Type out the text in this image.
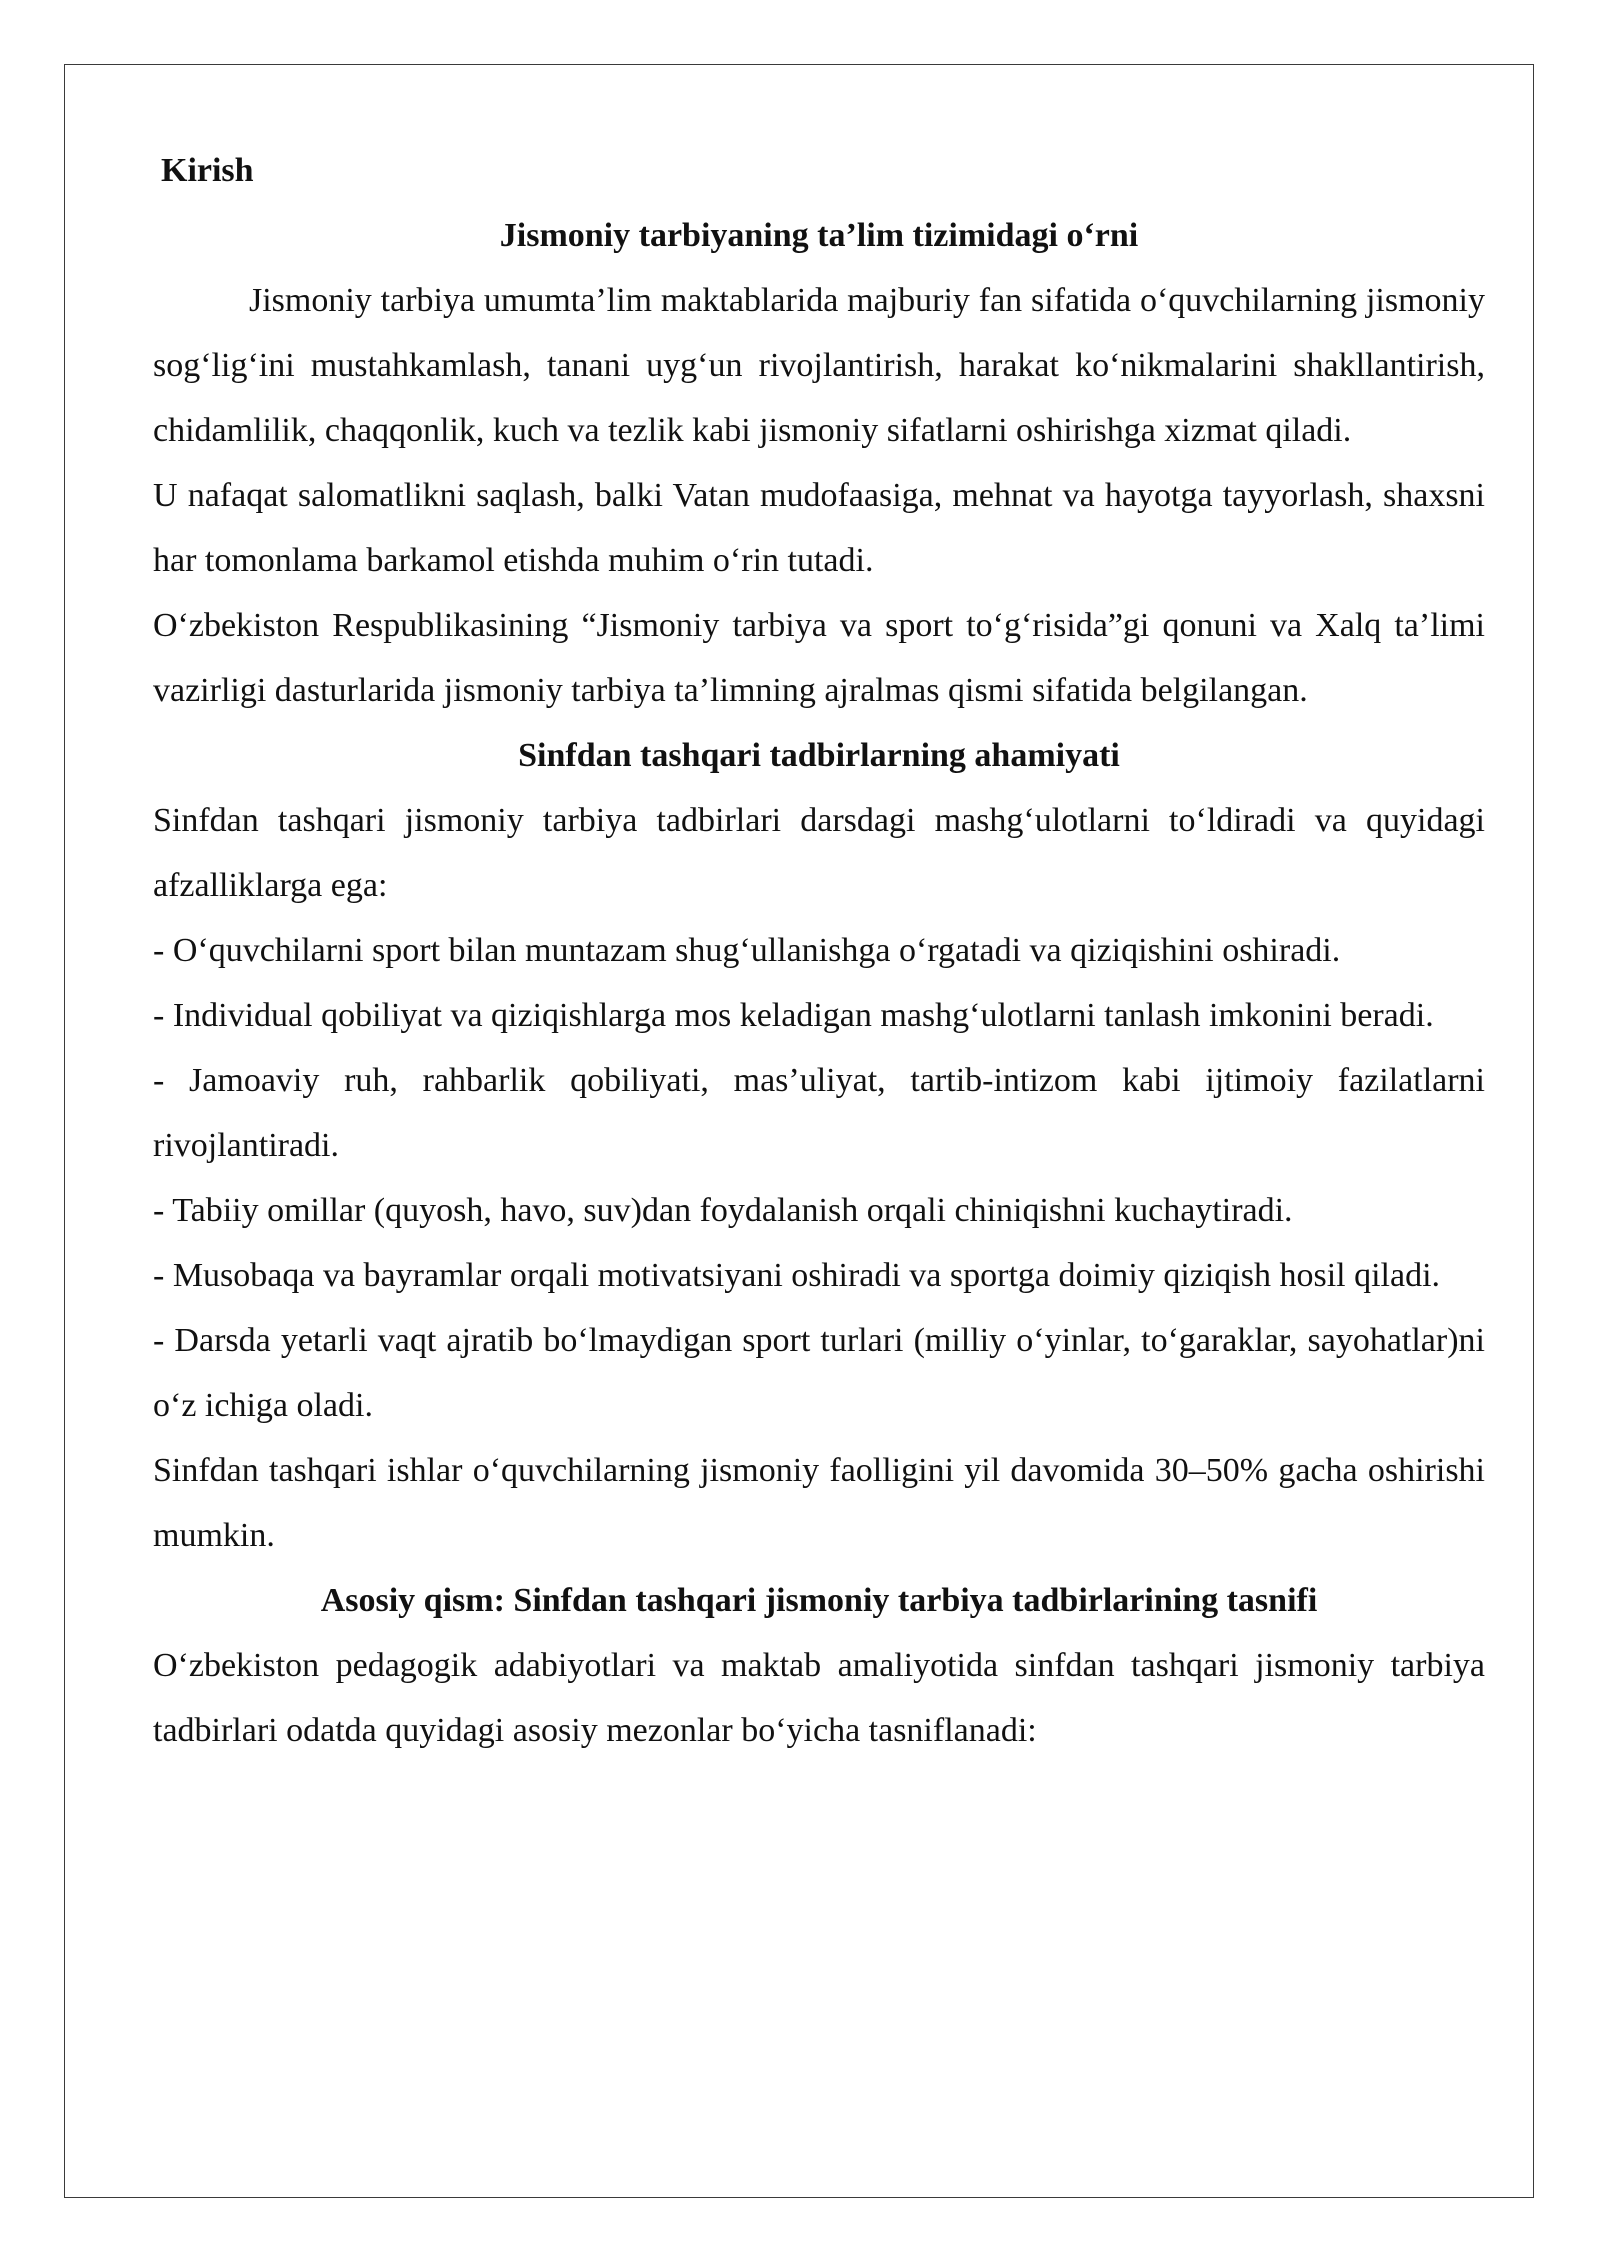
Kirish

Jismoniy tarbiyaning ta’lim tizimidagi o‘rni

Jismoniy tarbiya umumta’lim maktablarida majburiy fan sifatida o‘quvchilarning jismoniy sog‘lig‘ini mustahkamlash, tanani uyg‘un rivojlantirish, harakat ko‘nikmalarini shakllantirish, chidamlilik, chaqqonlik, kuch va tezlik kabi jismoniy sifatlarni oshirishga xizmat qiladi.

U nafaqat salomatlikni saqlash, balki Vatan mudofaasiga, mehnat va hayotga tayyorlash, shaxsni har tomonlama barkamol etishda muhim o‘rin tutadi.

O‘zbekiston Respublikasining “Jismoniy tarbiya va sport to‘g‘risida”gi qonuni va Xalq ta’limi vazirligi dasturlarida jismoniy tarbiya ta’limning ajralmas qismi sifatida belgilangan.

Sinfdan tashqari tadbirlarning ahamiyati

Sinfdan tashqari jismoniy tarbiya tadbirlari darsdagi mashg‘ulotlarni to‘ldiradi va quyidagi afzalliklarga ega:

- O‘quvchilarni sport bilan muntazam shug‘ullanishga o‘rgatadi va qiziqishini oshiradi.

- Individual qobiliyat va qiziqishlarga mos keladigan mashg‘ulotlarni tanlash imkonini beradi.

- Jamoaviy ruh, rahbarlik qobiliyati, mas’uliyat, tartib-intizom kabi ijtimoiy fazilatlarni rivojlantiradi.

- Tabiiy omillar (quyosh, havo, suv)dan foydalanish orqali chiniqishni kuchaytiradi.

- Musobaqa va bayramlar orqali motivatsiyani oshiradi va sportga doimiy qiziqish hosil qiladi.

- Darsda yetarli vaqt ajratib bo‘lmaydigan sport turlari (milliy o‘yinlar, to‘garaklar, sayohatlar)ni o‘z ichiga oladi.

Sinfdan tashqari ishlar o‘quvchilarning jismoniy faolligini yil davomida 30–50% gacha oshirishi mumkin.

Asosiy qism: Sinfdan tashqari jismoniy tarbiya tadbirlarining tasnifi

O‘zbekiston pedagogik adabiyotlari va maktab amaliyotida sinfdan tashqari jismoniy tarbiya tadbirlari odatda quyidagi asosiy mezonlar bo‘yicha tasniflanadi:
